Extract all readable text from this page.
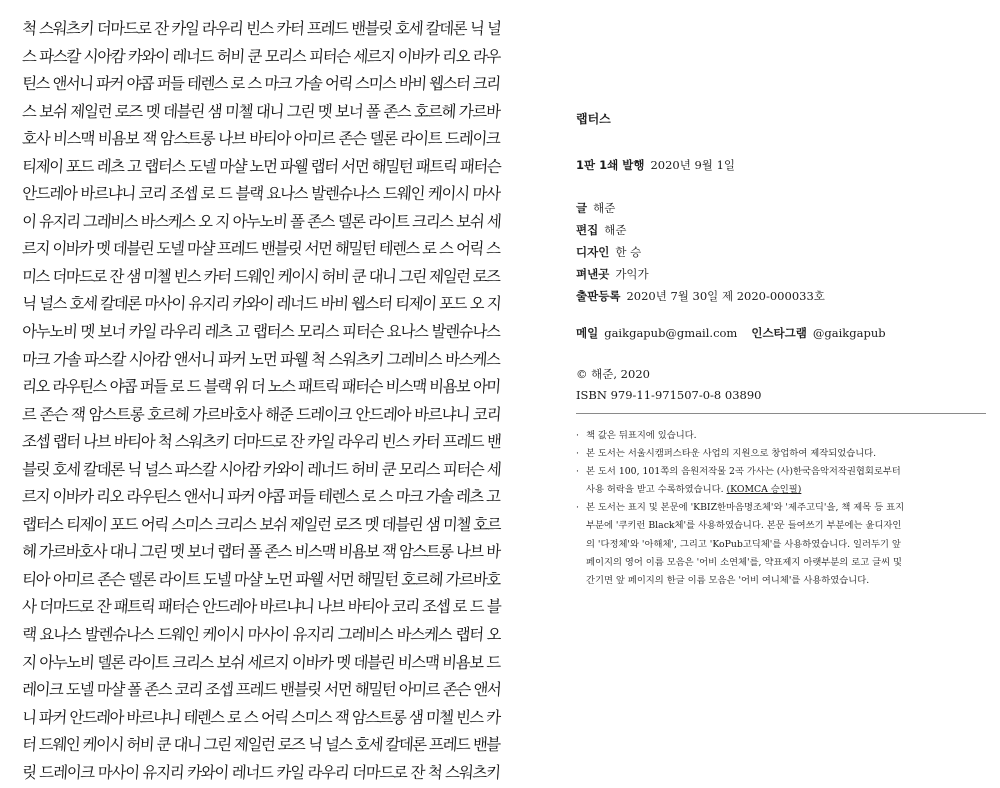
척 스워츠키 더마드로 잔 카일 라우리 빈스 카터 프레드 밴블릿 호세 칼데론 닉 널
스 파스칼 시아캄 카와이 레너드 허비 쿤 모리스 피터슨 세르지 이바카 리오 라우
틴스 앤서니 파커 야콥 퍼들 테렌스 로 스 마크 가솔 어릭 스미스 바비 웹스터 크리
스 보쉬 제일런 로즈 멧 데블린 샘 미첼 대니 그린 멧 보너 폴 존스 호르헤 가르바
호사 비스맥 비욤보 잭 암스트롱 나브 바티아 아미르 존슨 델론 라이트 드레이크
티제이 포드 레츠 고 랩터스 도넬 마샬 노먼 파웰 랩터 서먼 해밀턴 패트릭 패터슨
안드레아 바르냐니 코리 조셉 로 드 블랙 요나스 발렌슈나스 드웨인 케이시 마사
이 유지리 그레비스 바스케스 오 지 아누노비 폴 존스 델론 라이트 크리스 보쉬 세
르지 이바카 멧 데블린 도넬 마샬 프레드 밴블릿 서먼 해밀턴 테렌스 로 스 어릭 스
미스 더마드로 잔 샘 미첼 빈스 카터 드웨인 케이시 허비 쿤 대니 그린 제일런 로즈
닉 널스 호세 칼데론 마사이 유지리 카와이 레너드 바비 웹스터 티제이 포드 오 지
아누노비 멧 보너 카일 라우리 레츠 고 랩터스 모리스 피터슨 요나스 발렌슈나스
마크 가솔 파스칼 시아캄 앤서니 파커 노먼 파웰 척 스워츠키 그레비스 바스케스
리오 라우틴스 야콥 퍼들 로 드 블랙 위 더 노스 패트릭 패터슨 비스맥 비욤보 아미
르 존슨 잭 암스트롱 호르헤 가르바호사 해준 드레이크 안드레아 바르냐니 코리
조셉 랩터 나브 바티아 척 스워츠키 더마드로 잔 카일 라우리 빈스 카터 프레드 밴
블릿 호세 칼데론 닉 널스 파스칼 시아캄 카와이 레너드 허비 쿤 모리스 피터슨 세
르지 이바카 리오 라우틴스 앤서니 파커 야콥 퍼들 테렌스 로 스 마크 가솔 레츠 고
랩터스 티제이 포드 어릭 스미스 크리스 보쉬 제일런 로즈 멧 데블린 샘 미첼 호르
헤 가르바호사 대니 그린 멧 보너 랩터 폴 존스 비스맥 비욤보 잭 암스트롱 나브 바
티아 아미르 존슨 델론 라이트 도넬 마샬 노먼 파웰 서먼 해밀턴 호르헤 가르바호
사 더마드로 잔 패트릭 패터슨 안드레아 바르냐니 나브 바티아 코리 조셉 로 드 블
랙 요나스 발렌슈나스 드웨인 케이시 마사이 유지리 그레비스 바스케스 랩터 오
지 아누노비 델론 라이트 크리스 보쉬 세르지 이바카 멧 데블린 비스맥 비욤보 드
레이크 도넬 마샬 폴 존스 코리 조셉 프레드 밴블릿 서먼 해밀턴 아미르 존슨 앤서
니 파커 안드레아 바르냐니 테렌스 로 스 어릭 스미스 잭 암스트롱 샘 미첼 빈스 카
터 드웨인 케이시 허비 쿤 대니 그린 제일런 로즈 닉 널스 호세 칼데론 프레드 밴블
릿 드레이크 마사이 유지리 카와이 레너드 카일 라우리 더마드로 잔 척 스워츠키
랩터스
1판 1쇄 발행 2020년 9월 1일
글 해준
편집 해준
디자인 한 승
펴낸곳 가익가
출판등록 2020년 7월 30일 제 2020-000033호
메일 gaikgapub@gmail.com 인스타그램 @gaikgapub
© 해준, 2020
ISBN 979-11-971507-0-8 03890
· 책 값은 뒤표지에 있습니다.
· 본 도서는 서울시캠퍼스타운 사업의 지원으로 창업하여 제작되었습니다.
· 본 도서 100, 101쪽의 음원저작물 2곡 가사는 (사)한국음악저작권협회로부터 사용 허락을 받고 수록하였습니다. (KOMCA 승인필)
· 본 도서는 표지 및 본문에 'KBIZ한마음명조체'와 '제주고딕'을, 책 제목 등 표지 부분에 '쿠키런 Black체'를 사용하였습니다. 본문 들여쓰기 부분에는 윤디자인의 '다정체'와 '아해체', 그리고 'KoPub고딕체'를 사용하였습니다. 일러두기 앞 페이지의 영어 이름 모음은 '어비 소연체'를, 약표제지 아랫부분의 로고 글씨 및 간기면 앞 페이지의 한글 이름 모음은 '어비 여니체'를 사용하였습니다.
